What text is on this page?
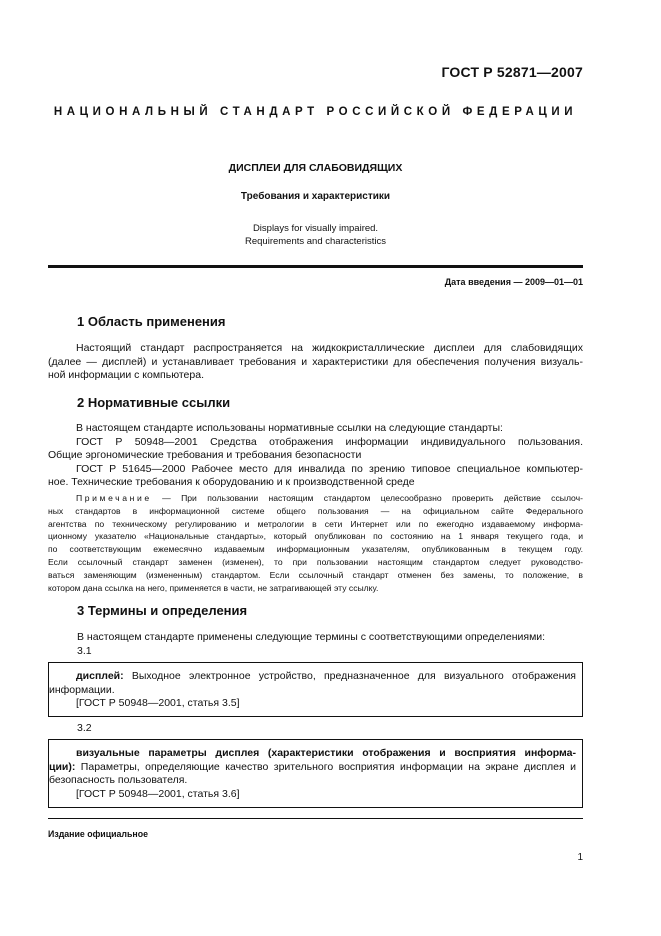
ГОСТ Р 52871—2007
НАЦИОНАЛЬНЫЙ СТАНДАРТ РОССИЙСКОЙ ФЕДЕРАЦИИ
ДИСПЛЕИ ДЛЯ СЛАБОВИДЯЩИХ
Требования и характеристики
Displays for visually impaired.
Requirements and characteristics
Дата введения — 2009—01—01
1 Область применения
Настоящий стандарт распространяется на жидкокристаллические дисплеи для слабовидящих
(далее — дисплей) и устанавливает требования и характеристики для обеспечения получения визуаль-
ной информации с компьютера.
2 Нормативные ссылки
В настоящем стандарте использованы нормативные ссылки на следующие стандарты:
ГОСТ Р 50948—2001 Средства отображения информации индивидуального пользования.
Общие эргономические требования и требования безопасности
ГОСТ Р 51645—2000 Рабочее место для инвалида по зрению типовое специальное компьютер-
ное. Технические требования к оборудованию и к производственной среде
Примечание — При пользовании настоящим стандартом целесообразно проверить действие ссылоч-
ных стандартов в информационной системе общего пользования — на официальном сайте Федерального
агентства по техническому регулированию и метрологии в сети Интернет или по ежегодно издаваемому информа-
ционному указателю «Национальные стандарты», который опубликован по состоянию на 1 января текущего года, и
по соответствующим ежемесячно издаваемым информационным указателям, опубликованным в текущем году.
Если ссылочный стандарт заменен (изменен), то при пользовании настоящим стандартом следует руководство-
ваться заменяющим (измененным) стандартом. Если ссылочный стандарт отменен без замены, то положение, в
котором дана ссылка на него, применяется в части, не затрагивающей эту ссылку.
3 Термины и определения
В настоящем стандарте применены следующие термины с соответствующими определениями:
3.1
дисплей: Выходное электронное устройство, предназначенное для визуального отображения
информации.
[ГОСТ Р 50948—2001, статья 3.5]
3.2
визуальные параметры дисплея (характеристики отображения и восприятия информа-
ции): Параметры, определяющие качество зрительного восприятия информации на экране дисплея и
безопасность пользователя.
[ГОСТ Р 50948—2001, статья 3.6]
Издание официальное
1
